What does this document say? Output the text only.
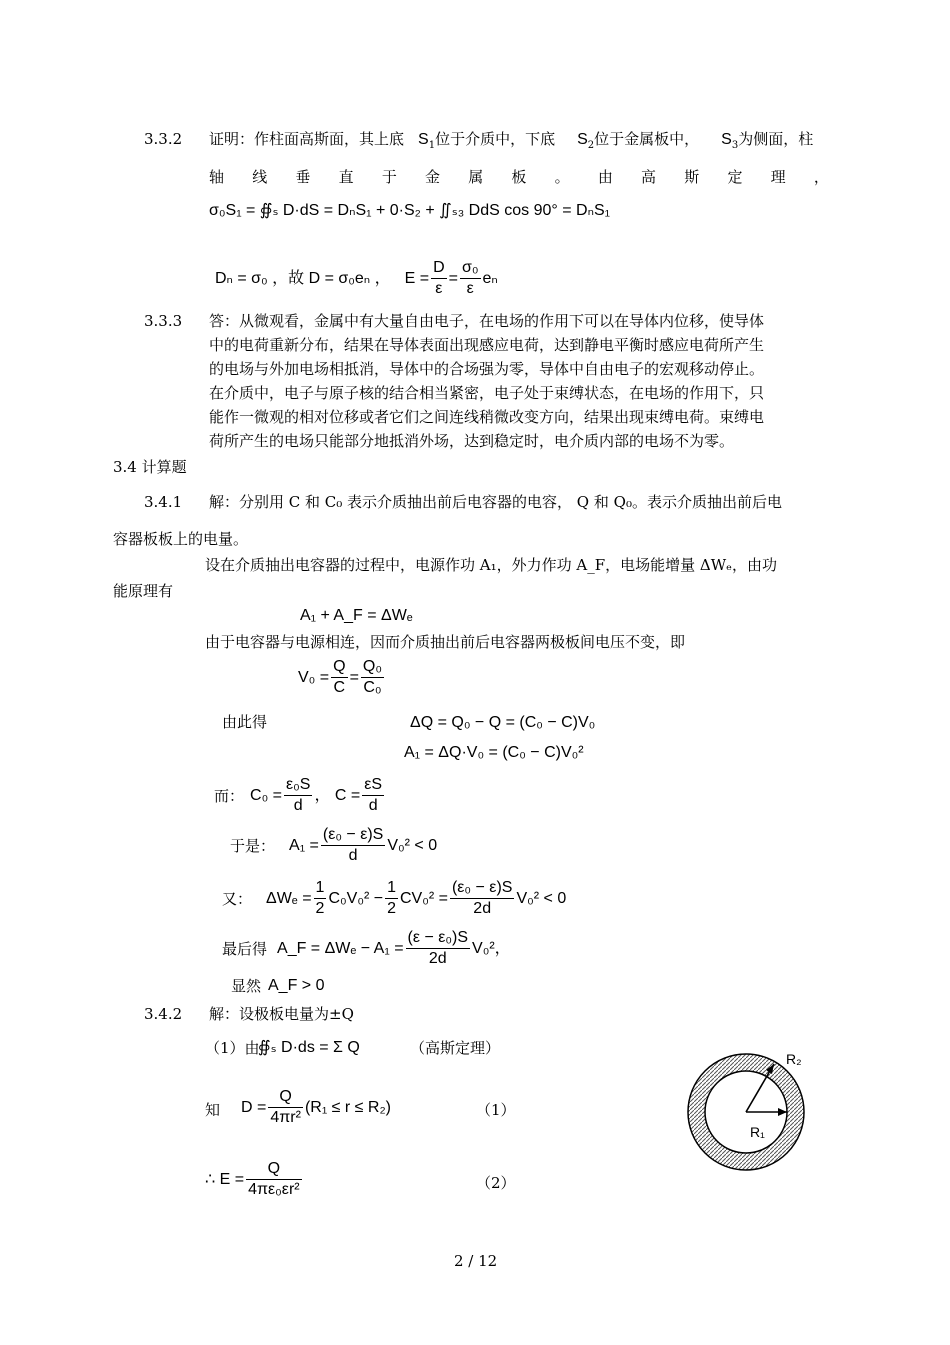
3.3.2 证明：作柱面高斯面，其上底 $S_1$位于介质中，下底 $S_2$位于金属板中， $S_3$为侧面，柱
轴 线 垂 直 于 金 属 板 。 由 高 斯 定 理 ，
σ₀S₁ = ∯ₛ D·dS = DₙS₁ + 0·S₂ + ∬ₛ₃ DdS cos 90° = DₙS₁
Dₙ = σ₀ ，故 D = σ₀eₙ ， $E = \frac{D}{\varepsilon} = \frac{\text{σ₀}}{\varepsilon}$ eₙ
3.3.3 答：从微观看，金属中有大量自由电子，在电场的作用下可以在导体内位移，使导体中的电荷重新分布，结果在导体表面出现感应电荷，达到静电平衡时感应电荷所产生的电场与外加电场相抵消，导体中的合场强为零，导体中自由电子的宏观移动停止。在介质中，电子与原子核的结合相当紧密，电子处于束缚状态，在电场的作用下，只能作一微观的相对位移或者它们之间连线稍微改变方向，结果出现束缚电荷。束缚电荷所产生的电场只能部分地抵消外场，达到稳定时，电介质内部的电场不为零。
3.4 计算题
3.4.1 解：分别用 C 和 C₀ 表示介质抽出前后电容器的电容， Q 和 Q₀。表示介质抽出前后电
容器板板上的电量。
设在介质抽出电容器的过程中，电源作功 A₁，外力作功 A_F，电场能增量 ΔWₑ，由功
能原理有
A₁ + A_F = ΔWₑ
由于电容器与电源相连，因而介质抽出前后电容器两极板间电压不变，即
$V_0 = \frac{Q}{C} = \frac{\text{Q₀}}{\text{C₀}}$
由此得	ΔQ = Q₀ − Q = (C₀ − C)V₀
A₁ = ΔQ·V₀ = (C₀ − C)V₀²
而： $C_0 = \frac{\text{ε₀S}}{d}$ ， $C = \frac{\varepsilon S}{d}$
于是： $A_1 = \frac{\text{(ε₀ − ε)S}}{d} V_0^2 < 0$
又： $\Delta W_e = \frac{1}{2} C_0V_0^2 - \frac{1}{2} CV_0^2 = \frac{\text{(ε₀ − ε)S}}{2d} V_0^2 < 0$
最后得 A_F = $\Delta W_e - A_1 = \frac{\text{(ε − ε₀)S}}{2d} V_0^2$，
显然 A_F > 0
3.4.2 解：设极板电量为±Q
（1）由
∯ₛ D·ds = Σ Q	（高斯定理）
知 $D = \frac{Q}{\text{4πr²}} (R_1 \le r \le R_2)$	（1）
∴ $E = \frac{Q}{\text{4πε₀εr²}}$	（2）
R₂
R₁
2 / 12
